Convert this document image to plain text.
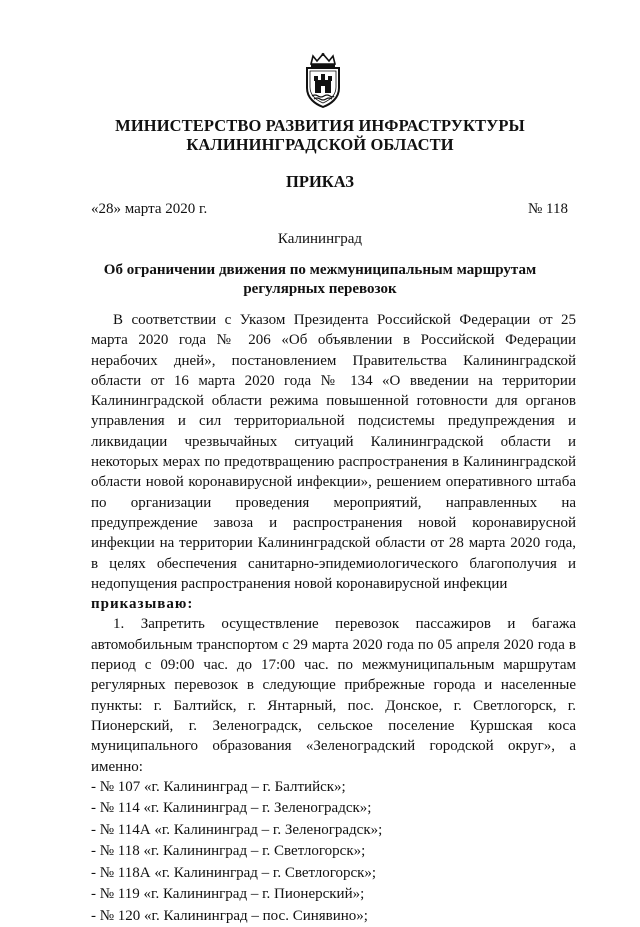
МИНИСТЕРСТВО РАЗВИТИЯ ИНФРАСТРУКТУРЫ
КАЛИНИНГРАДСКОЙ ОБЛАСТИ
ПРИКАЗ
«28» марта 2020 г.	№ 118
Калининград
Об ограничении движения по межмуниципальным маршрутам
регулярных перевозок

В соответствии с Указом Президента Российской Федерации от 25 марта 2020 года № 206 «Об объявлении в Российской Федерации нерабочих дней», постановлением Правительства Калининградской области от 16 марта 2020 года № 134 «О введении на территории Калининградской области режима повышенной готовности для органов управления и сил территориальной подсистемы предупреждения и ликвидации чрезвычайных ситуаций Калининградской области и некоторых мерах по предотвращению распространения в Калининградской области новой коронавирусной инфекции», решением оперативного штаба по организации проведения мероприятий, направленных на предупреждение завоза и распространения новой коронавирусной инфекции на территории Калининградской области от 28 марта 2020 года, в целях обеспечения санитарно-эпидемиологического благополучия и недопущения распространения новой коронавирусной инфекции

приказываю:

1. Запретить осуществление перевозок пассажиров и багажа автомобильным транспортом с 29 марта 2020 года по 05 апреля 2020 года в период с 09:00 час. до 17:00 час. по межмуниципальным маршрутам регулярных перевозок в следующие прибрежные города и населенные пункты: г. Балтийск, г. Янтарный, пос. Донское, г. Светлогорск, г. Пионерский, г. Зеленоградск, сельское поселение Куршская коса муниципального образования «Зеленоградский городской округ», а именно:

- № 107 «г. Калининград – г. Балтийск»;

- № 114 «г. Калининград – г. Зеленоградск»;

- № 114А «г. Калининград – г. Зеленоградск»;

- № 118 «г. Калининград – г. Светлогорск»;

- № 118А «г. Калининград – г. Светлогорск»;

- № 119 «г. Калининград – г. Пионерский»;

- № 120 «г. Калининград – пос. Синявино»;
